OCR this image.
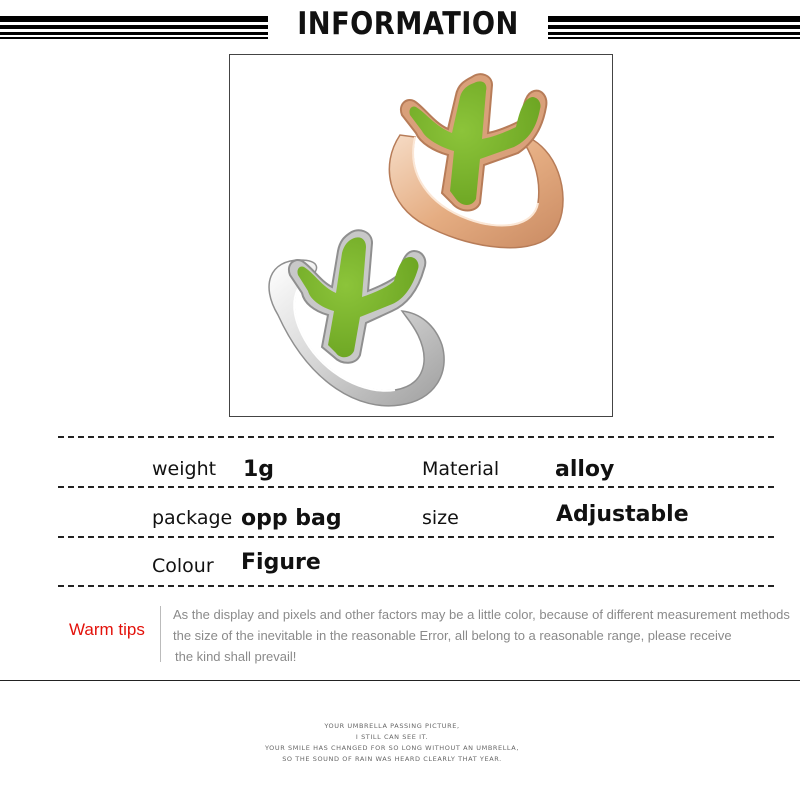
INFORMATION
weight 1g	Material	alloy
package opp bag	size	Adjustable
Colour Figure
Warm tips
As the display and pixels and other factors may be a little color, because of different measurement methods
the size of the inevitable in the reasonable Error, all belong to a reasonable range, please receive
the kind shall prevail!
YOUR UMBRELLA PASSING PICTURE,
I STILL CAN SEE IT.
YOUR SMILE HAS CHANGED FOR SO LONG WITHOUT AN UMBRELLA,
SO THE SOUND OF RAIN WAS HEARD CLEARLY THAT YEAR.
